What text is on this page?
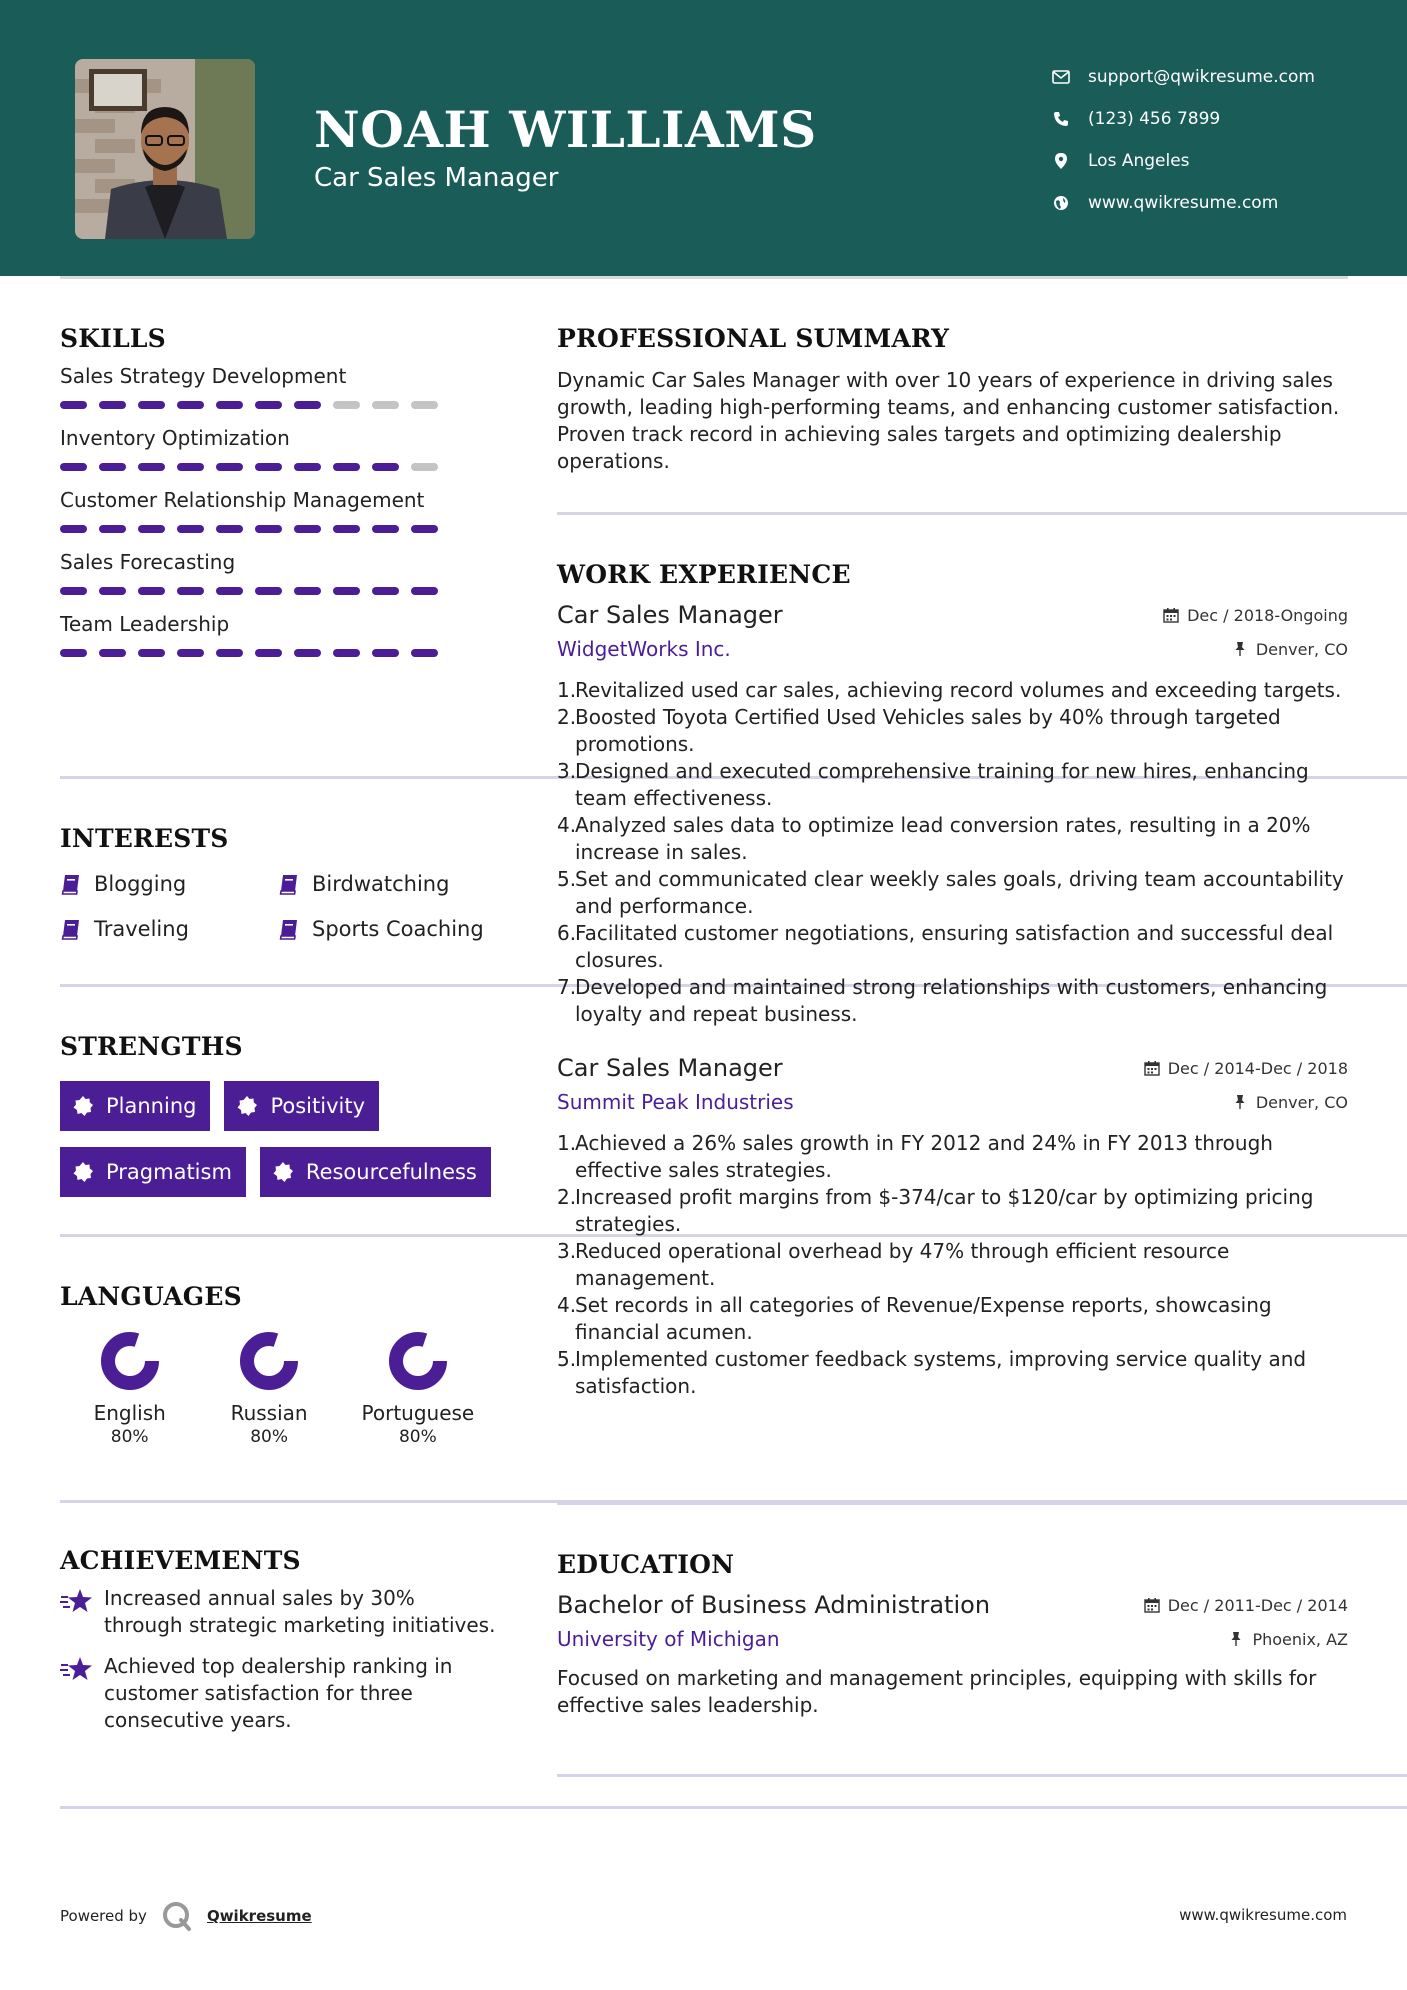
NOAH WILLIAMS
Car Sales Manager
support@qwikresume.com
(123) 456 7899
Los Angeles
www.qwikresume.com
SKILLS
Sales Strategy Development
Inventory Optimization
Customer Relationship Management
Sales Forecasting
Team Leadership
INTERESTS
Blogging	Birdwatching
Traveling	Sports Coaching
STRENGTHS
Planning	Positivity
Pragmatism	Resourcefulness
LANGUAGES
English
80%
Russian
80%
Portuguese
80%
ACHIEVEMENTS
Increased annual sales by 30% through strategic marketing initiatives.
Achieved top dealership ranking in customer satisfaction for three consecutive years.
PROFESSIONAL SUMMARY
Dynamic Car Sales Manager with over 10 years of experience in driving sales growth, leading high-performing teams, and enhancing customer satisfaction. Proven track record in achieving sales targets and optimizing dealership operations.
WORK EXPERIENCE
Car Sales Manager	Dec / 2018-Ongoing
WidgetWorks Inc.	Denver, CO
1.
Revitalized used car sales, achieving record volumes and exceeding targets.
2.
Boosted Toyota Certified Used Vehicles sales by 40% through targeted promotions.
3.
Designed and executed comprehensive training for new hires, enhancing team effectiveness.
4.
Analyzed sales data to optimize lead conversion rates, resulting in a 20% increase in sales.
5.
Set and communicated clear weekly sales goals, driving team accountability and performance.
6.
Facilitated customer negotiations, ensuring satisfaction and successful deal closures.
7.
Developed and maintained strong relationships with customers, enhancing loyalty and repeat business.
Car Sales Manager	Dec / 2014-Dec / 2018
Summit Peak Industries	Denver, CO
1.
Achieved a 26% sales growth in FY 2012 and 24% in FY 2013 through effective sales strategies.
2.
Increased profit margins from $-374/car to $120/car by optimizing pricing strategies.
3.
Reduced operational overhead by 47% through efficient resource management.
4.
Set records in all categories of Revenue/Expense reports, showcasing financial acumen.
5.
Implemented customer feedback systems, improving service quality and satisfaction.
EDUCATION
Bachelor of Business Administration	Dec / 2011-Dec / 2014
University of Michigan	Phoenix, AZ
Focused on marketing and management principles, equipping with skills for effective sales leadership.
Powered by	Qwikresume	www.qwikresume.com
